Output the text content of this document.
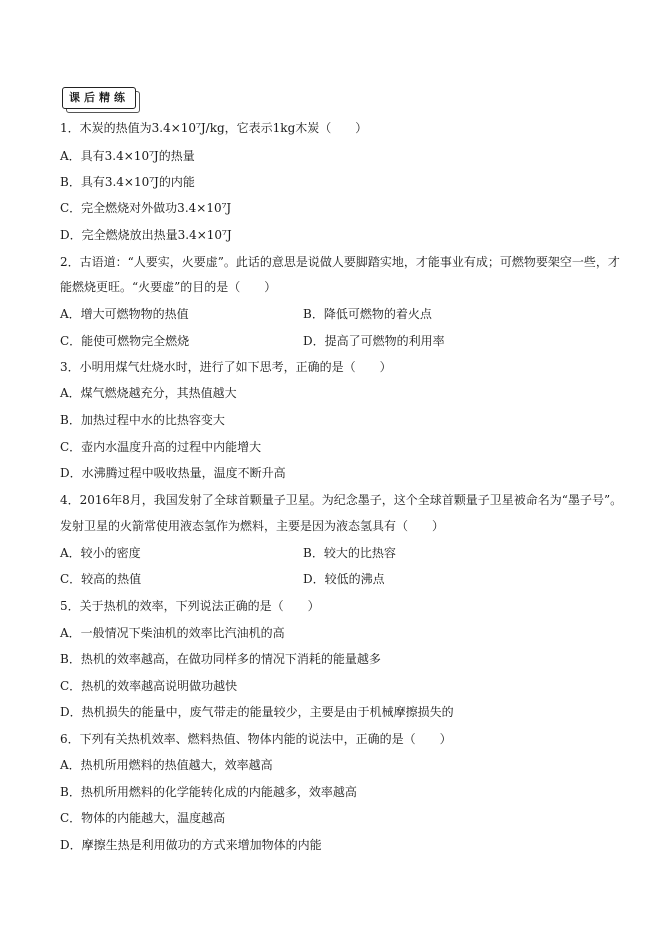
课后精练
1．木炭的热值为3.4×10⁷J/kg，它表示1kg木炭（　　）
A．具有3.4×10⁷J的热量
B．具有3.4×10⁷J的内能
C．完全燃烧对外做功3.4×10⁷J
D．完全燃烧放出热量3.4×10⁷J
2．古语道：“人要实，火要虚”。此话的意思是说做人要脚踏实地，才能事业有成；可燃物要架空一些，才
能燃烧更旺。“火要虚”的目的是（　　）
A．增大可燃物物的热值	B．降低可燃物的着火点
C．能使可燃物完全燃烧	D．提高了可燃物的利用率
3．小明用煤气灶烧水时，进行了如下思考，正确的是（　　）
A．煤气燃烧越充分，其热值越大
B．加热过程中水的比热容变大
C．壶内水温度升高的过程中内能增大
D．水沸腾过程中吸收热量，温度不断升高
4．2016年8月，我国发射了全球首颗量子卫星。为纪念墨子，这个全球首颗量子卫星被命名为“墨子号”。
发射卫星的火箭常使用液态氢作为燃料，主要是因为液态氢具有（　　）
A．较小的密度	B．较大的比热容
C．较高的热值	D．较低的沸点
5．关于热机的效率，下列说法正确的是（　　）
A．一般情况下柴油机的效率比汽油机的高
B．热机的效率越高，在做功同样多的情况下消耗的能量越多
C．热机的效率越高说明做功越快
D．热机损失的能量中，废气带走的能量较少，主要是由于机械摩擦损失的
6．下列有关热机效率、燃料热值、物体内能的说法中，正确的是（　　）
A．热机所用燃料的热值越大，效率越高
B．热机所用燃料的化学能转化成的内能越多，效率越高
C．物体的内能越大，温度越高
D．摩擦生热是利用做功的方式来增加物体的内能
